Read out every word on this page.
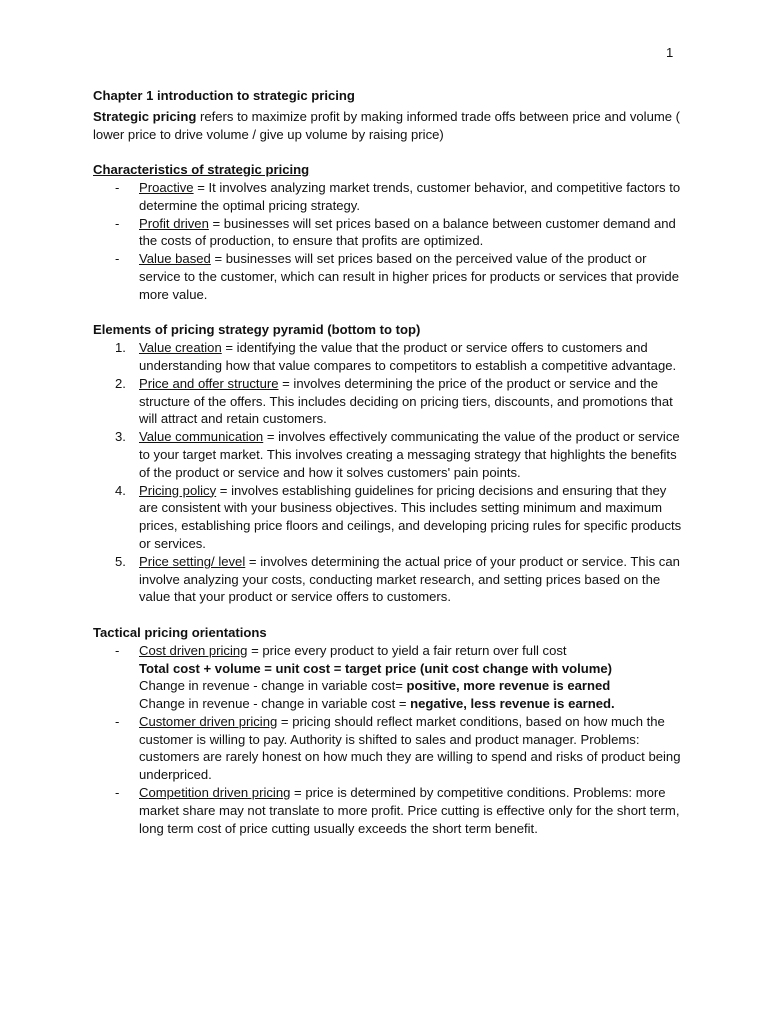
1

Chapter 1 introduction to strategic pricing

Strategic pricing refers to maximize profit by making informed trade offs between price and volume ( lower price to drive volume / give up volume by raising price)

Characteristics of strategic pricing

-	Proactive = It involves analyzing market trends, customer behavior, and competitive factors to determine the optimal pricing strategy.
-	Profit driven = businesses will set prices based on a balance between customer demand and the costs of production, to ensure that profits are optimized.
-	Value based = businesses will set prices based on the perceived value of the product or service to the customer, which can result in higher prices for products or services that provide more value.

Elements of pricing strategy pyramid (bottom to top)

1. Value creation = identifying the value that the product or service offers to customers and understanding how that value compares to competitors to establish a competitive advantage.
2. Price and offer structure = involves determining the price of the product or service and the structure of the offers. This includes deciding on pricing tiers, discounts, and promotions that will attract and retain customers.
3. Value communication = involves effectively communicating the value of the product or service to your target market. This involves creating a messaging strategy that highlights the benefits of the product or service and how it solves customers' pain points.
4. Pricing policy = involves establishing guidelines for pricing decisions and ensuring that they are consistent with your business objectives. This includes setting minimum and maximum prices, establishing price floors and ceilings, and developing pricing rules for specific products or services.
5. Price setting/ level = involves determining the actual price of your product or service. This can involve analyzing your costs, conducting market research, and setting prices based on the value that your product or service offers to customers.

Tactical pricing orientations

-	Cost driven pricing = price every product to yield a fair return over full cost
Total cost + volume = unit cost = target price (unit cost change with volume)
Change in revenue - change in variable cost= positive, more revenue is earned
Change in revenue - change in variable cost = negative, less revenue is earned.
-	Customer driven pricing = pricing should reflect market conditions, based on how much the customer is willing to pay. Authority is shifted to sales and product manager. Problems: customers are rarely honest on how much they are willing to spend and risks of product being underpriced.
-	Competition driven pricing = price is determined by competitive conditions. Problems: more market share may not translate to more profit. Price cutting is effective only for the short term, long term cost of price cutting usually exceeds the short term benefit.
